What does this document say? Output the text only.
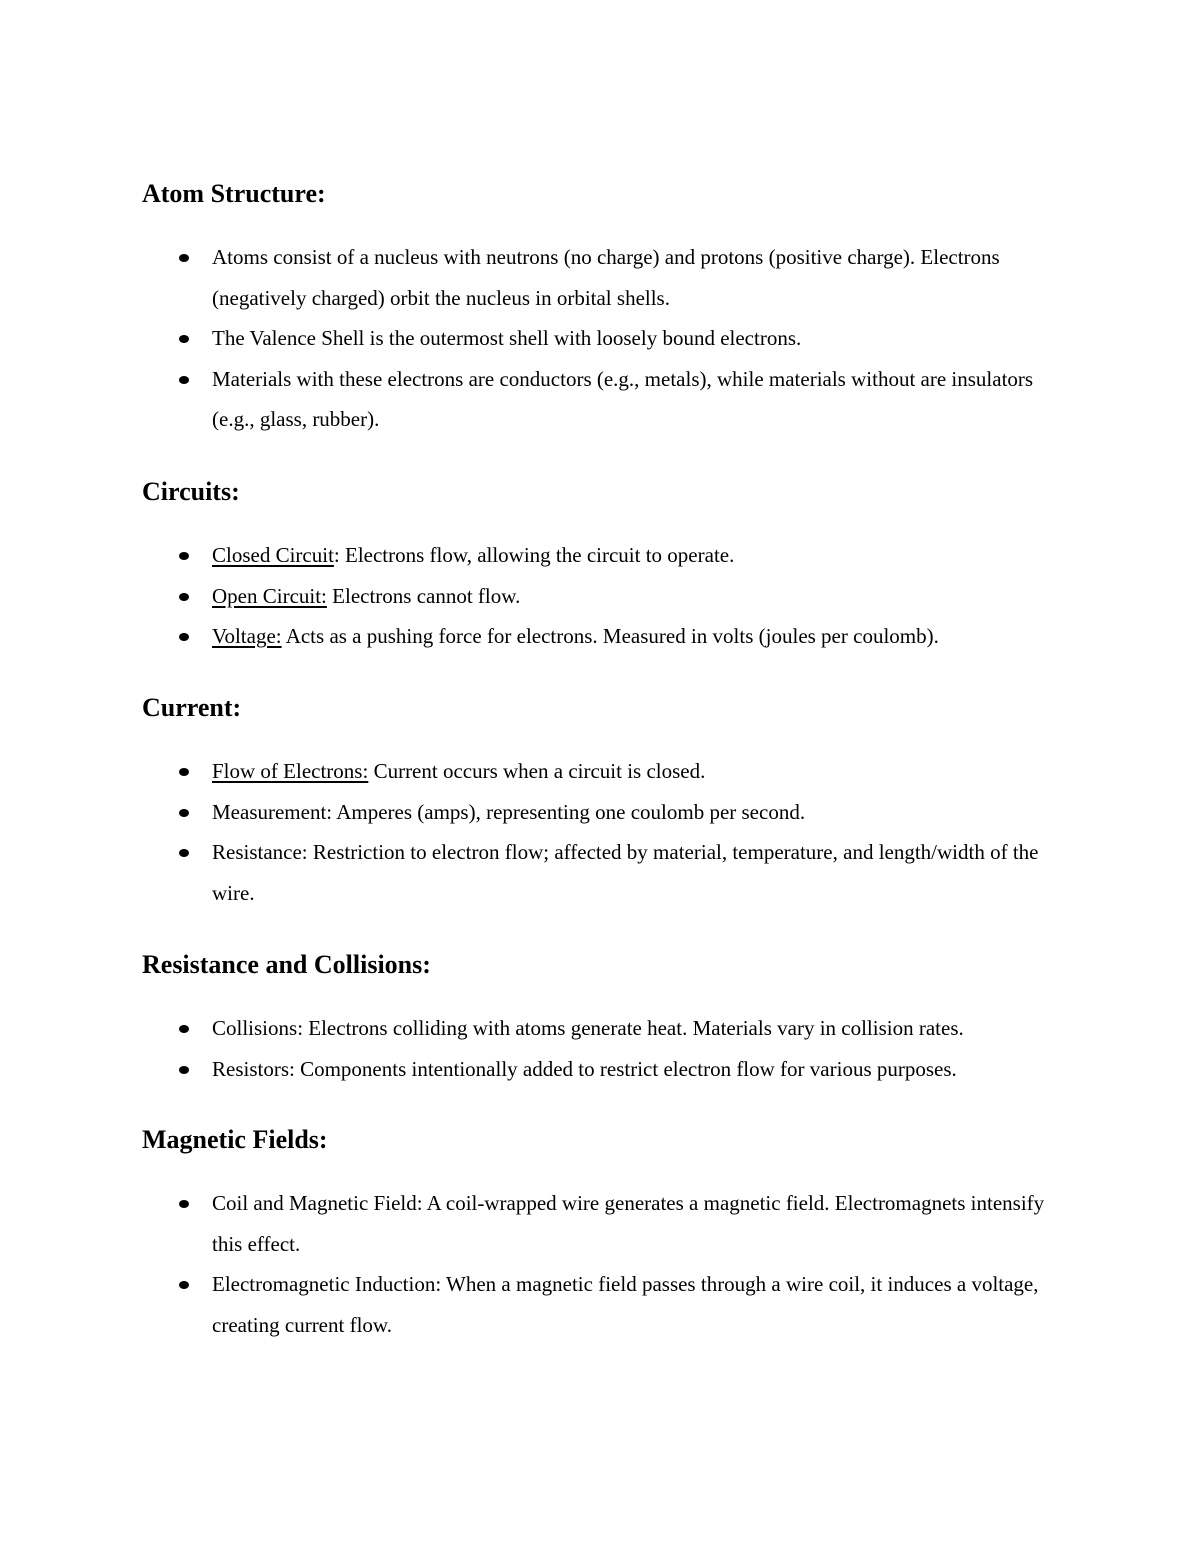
Atom Structure:
Atoms consist of a nucleus with neutrons (no charge) and protons (positive charge). Electrons (negatively charged) orbit the nucleus in orbital shells.
The Valence Shell is the outermost shell with loosely bound electrons.
Materials with these electrons are conductors (e.g., metals), while materials without are insulators (e.g., glass, rubber).
Circuits:
Closed Circuit: Electrons flow, allowing the circuit to operate.
Open Circuit: Electrons cannot flow.
Voltage: Acts as a pushing force for electrons. Measured in volts (joules per coulomb).
Current:
Flow of Electrons: Current occurs when a circuit is closed.
Measurement: Amperes (amps), representing one coulomb per second.
Resistance: Restriction to electron flow; affected by material, temperature, and length/width of the wire.
Resistance and Collisions:
Collisions: Electrons colliding with atoms generate heat. Materials vary in collision rates.
Resistors: Components intentionally added to restrict electron flow for various purposes.
Magnetic Fields:
Coil and Magnetic Field: A coil-wrapped wire generates a magnetic field. Electromagnets intensify this effect.
Electromagnetic Induction: When a magnetic field passes through a wire coil, it induces a voltage, creating current flow.
